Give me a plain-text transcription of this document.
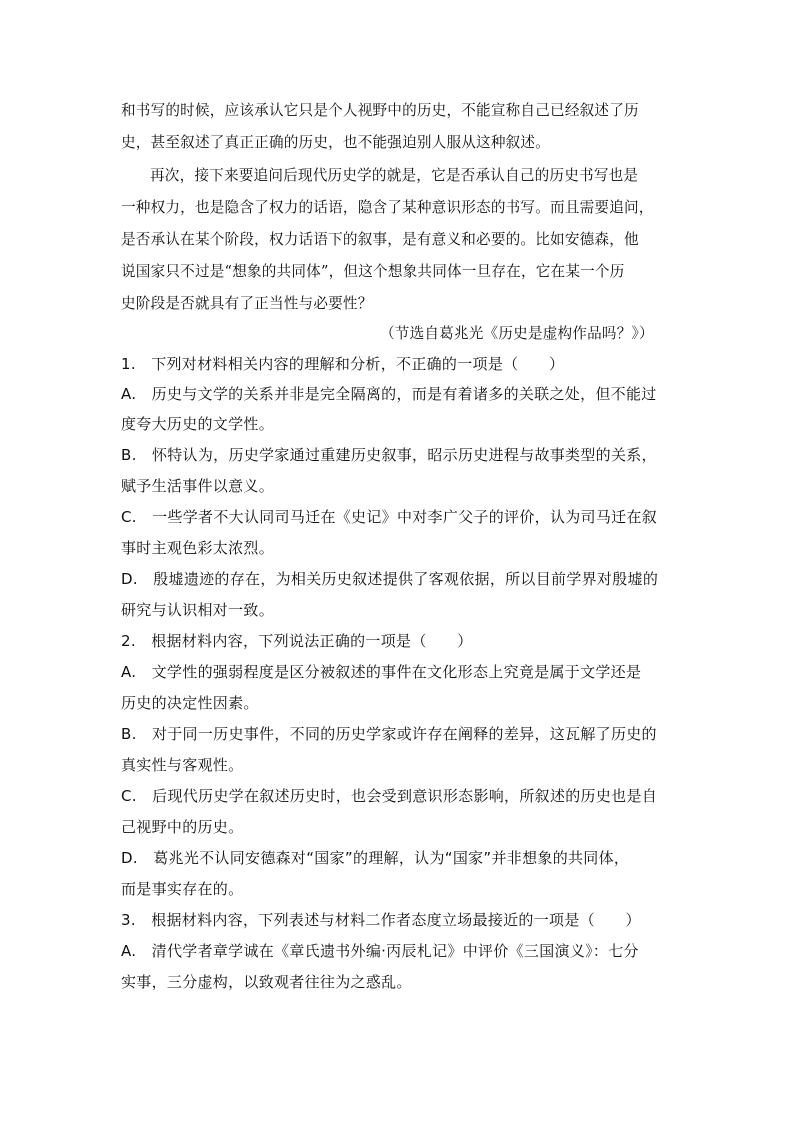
和书写的时候，应该承认它只是个人视野中的历史，不能宣称自己已经叙述了历
史，甚至叙述了真正正确的历史，也不能强迫别人服从这种叙述。
再次，接下来要追问后现代历史学的就是，它是否承认自己的历史书写也是
一种权力，也是隐含了权力的话语，隐含了某种意识形态的书写。而且需要追问，
是否承认在某个阶段，权力话语下的叙事，是有意义和必要的。比如安德森，他
说国家只不过是“想象的共同体”，但这个想象共同体一旦存在，它在某一个历
史阶段是否就具有了正当性与必要性？
（节选自葛兆光《历史是虚构作品吗？》）
1.　下列对材料相关内容的理解和分析，不正确的一项是（　　）
A.　历史与文学的关系并非是完全隔离的，而是有着诸多的关联之处，但不能过
度夸大历史的文学性。
B.　怀特认为，历史学家通过重建历史叙事，昭示历史进程与故事类型的关系，
赋予生活事件以意义。
C.　一些学者不大认同司马迁在《史记》中对李广父子的评价，认为司马迁在叙
事时主观色彩太浓烈。
D.　殷墟遗迹的存在，为相关历史叙述提供了客观依据，所以目前学界对殷墟的
研究与认识相对一致。
2.　根据材料内容，下列说法正确的一项是（　　）
A.　文学性的强弱程度是区分被叙述的事件在文化形态上究竟是属于文学还是
历史的决定性因素。
B.　对于同一历史事件，不同的历史学家或许存在阐释的差异，这瓦解了历史的
真实性与客观性。
C.　后现代历史学在叙述历史时，也会受到意识形态影响，所叙述的历史也是自
己视野中的历史。
D.　葛兆光不认同安德森对“国家”的理解，认为“国家”并非想象的共同体，
而是事实存在的。
3.　根据材料内容，下列表述与材料二作者态度立场最接近的一项是（　　）
A.　清代学者章学诚在《章氏遗书外编·丙辰札记》中评价《三国演义》：七分
实事，三分虚构，以致观者往往为之惑乱。
